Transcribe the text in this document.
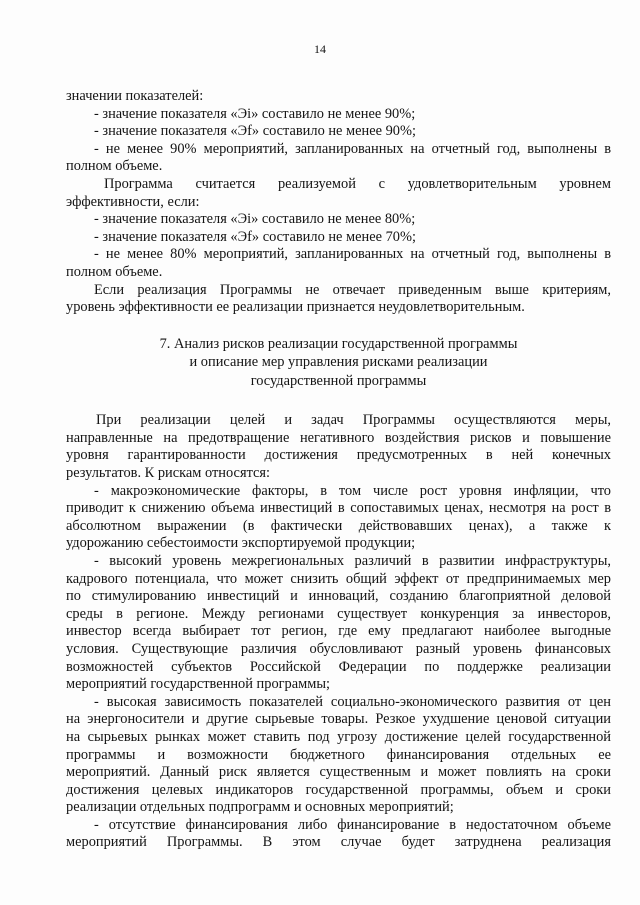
14

значении показателей:

- значение показателя «Эi» составило не менее 90%;

- значение показателя «Эf» составило не менее 90%;

- не менее 90% мероприятий, запланированных на отчетный год, выполнены в

полном объеме.

Программа считается реализуемой с удовлетворительным уровнем

эффективности, если:

- значение показателя «Эi» составило не менее 80%;

- значение показателя «Эf» составило не менее 70%;

- не менее 80% мероприятий, запланированных на отчетный год, выполнены в

полном объеме.

Если реализация Программы не отвечает приведенным выше критериям,

уровень эффективности ее реализации признается неудовлетворительным.

7. Анализ рисков реализации государственной программы
и описание мер управления рисками реализации
государственной программы

При реализации целей и задач Программы осуществляются меры,

направленные на предотвращение негативного воздействия рисков и повышение

уровня гарантированности достижения предусмотренных в ней конечных

результатов. К рискам относятся:

- макроэкономические факторы, в том числе рост уровня инфляции, что

приводит к снижению объема инвестиций в сопоставимых ценах, несмотря на рост в

абсолютном выражении (в фактически действовавших ценах), а также к

удорожанию себестоимости экспортируемой продукции;

- высокий уровень межрегиональных различий в развитии инфраструктуры,

кадрового потенциала, что может снизить общий эффект от предпринимаемых мер

по стимулированию инвестиций и инноваций, созданию благоприятной деловой

среды в регионе. Между регионами существует конкуренция за инвесторов,

инвестор всегда выбирает тот регион, где ему предлагают наиболее выгодные

условия. Существующие различия обусловливают разный уровень финансовых

возможностей субъектов Российской Федерации по поддержке реализации

мероприятий государственной программы;

- высокая зависимость показателей социально-экономического развития от цен

на энергоносители и другие сырьевые товары. Резкое ухудшение ценовой ситуации

на сырьевых рынках может ставить под угрозу достижение целей государственной

программы и возможности бюджетного финансирования отдельных ее

мероприятий. Данный риск является существенным и может повлиять на сроки

достижения целевых индикаторов государственной программы, объем и сроки

реализации отдельных подпрограмм и основных мероприятий;

- отсутствие финансирования либо финансирование в недостаточном объеме

мероприятий Программы. В этом случае будет затруднена реализация
